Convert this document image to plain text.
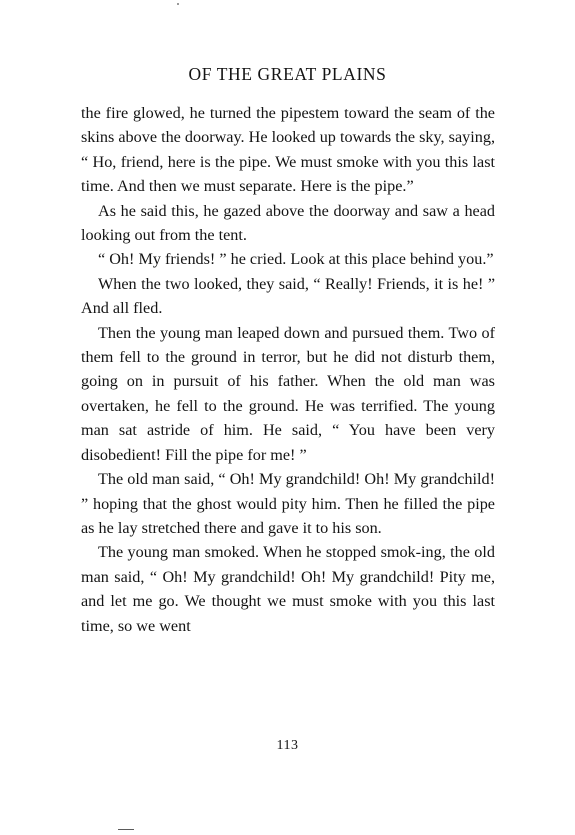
OF THE GREAT PLAINS

the fire glowed, he turned the pipestem toward the seam of the skins above the doorway. He looked up towards the sky, saying, “ Ho, friend, here is the pipe. We must smoke with you this last time. And then we must separate. Here is the pipe.”

As he said this, he gazed above the doorway and saw a head looking out from the tent.

“ Oh! My friends! ” he cried. Look at this place behind you.”

When the two looked, they said, “ Really! Friends, it is he! ” And all fled.

Then the young man leaped down and pursued them. Two of them fell to the ground in terror, but he did not disturb them, going on in pursuit of his father. When the old man was overtaken, he fell to the ground. He was terrified. The young man sat astride of him. He said, “ You have been very disobedient! Fill the pipe for me! ”

The old man said, “ Oh! My grandchild! Oh! My grandchild! ” hoping that the ghost would pity him. Then he filled the pipe as he lay stretched there and gave it to his son.

The young man smoked. When he stopped smok-ing, the old man said, “ Oh! My grandchild! Oh! My grandchild! Pity me, and let me go. We thought we must smoke with you this last time, so we went

113
